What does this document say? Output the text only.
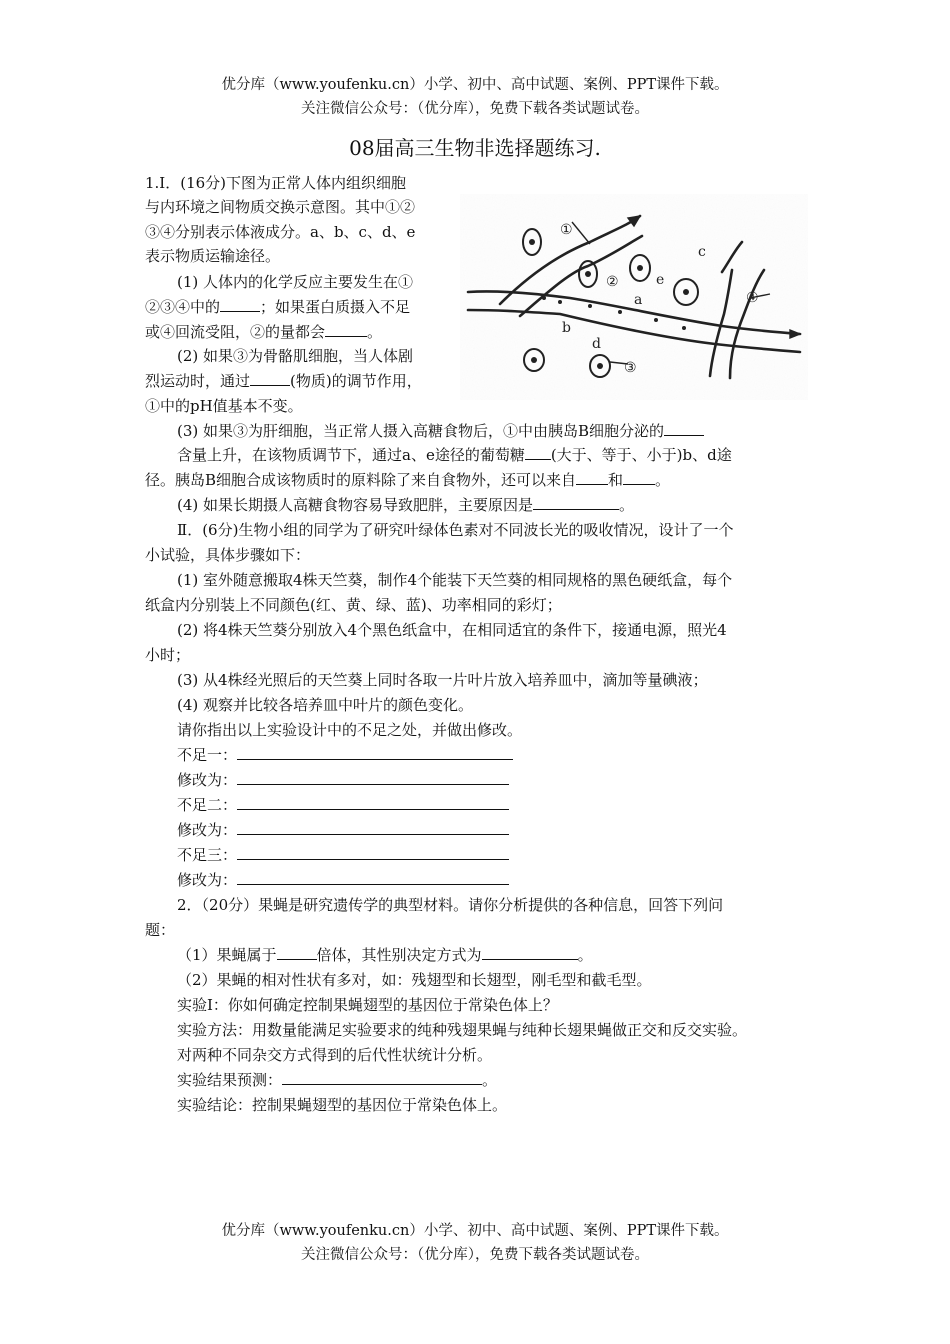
优分库（www.youfenku.cn）小学、初中、高中试题、案例、PPT课件下载。
关注微信公众号：（优分库），免费下载各类试题试卷。
08届高三生物非选择题练习.
1.Ⅰ．(16分)下图为正常人体内组织细胞
与内环境之间物质交换示意图。其中①②
③④分别表示体液成分。a、b、c、d、e
表示物质运输途径。
(1) 人体内的化学反应主要发生在①
②③④中的	；如果蛋白质摄入不足
或④回流受阻，②的量都会	。
(2) 如果③为骨骼肌细胞，当人体剧
烈运动时，通过	(物质)的调节作用，
①中的pH值基本不变。
①
②
③
④
a
b
c
d
e
(3) 如果③为肝细胞，当正常人摄入高糖食物后，①中由胰岛B细胞分泌的
含量上升，在该物质调节下，通过a、e途径的葡萄糖 (大于、等于、小于)b、d途
径。胰岛B细胞合成该物质时的原料除了来自食物外，还可以来自 和 。
(4) 如果长期摄人高糖食物容易导致肥胖，主要原因是	。
Ⅱ．(6分)生物小组的同学为了研究叶绿体色素对不同波长光的吸收情况，设计了一个
小试验，具体步骤如下：
(1) 室外随意搬取4株天竺葵，制作4个能装下天竺葵的相同规格的黑色硬纸盒，每个
纸盒内分别装上不同颜色(红、黄、绿、蓝)、功率相同的彩灯；
(2) 将4株天竺葵分别放入4个黑色纸盒中，在相同适宜的条件下，接通电源，照光4
小时；
(3) 从4株经光照后的天竺葵上同时各取一片叶片放入培养皿中，滴加等量碘液；
(4) 观察并比较各培养皿中叶片的颜色变化。
请你指出以上实验设计中的不足之处，并做出修改。
不足一：
修改为：
不足二：
修改为：
不足三：
修改为：
2．（20分）果蝇是研究遗传学的典型材料。请你分析提供的各种信息，回答下列问
题：
（1）果蝇属于	倍体，其性别决定方式为	。
（2）果蝇的相对性状有多对，如：残翅型和长翅型，刚毛型和截毛型。
实验I：你如何确定控制果蝇翅型的基因位于常染色体上？
实验方法：用数量能满足实验要求的纯种残翅果蝇与纯种长翅果蝇做正交和反交实验。
对两种不同杂交方式得到的后代性状统计分析。
实验结果预测：	。
实验结论：控制果蝇翅型的基因位于常染色体上。
优分库（www.youfenku.cn）小学、初中、高中试题、案例、PPT课件下载。
关注微信公众号：（优分库），免费下载各类试题试卷。
